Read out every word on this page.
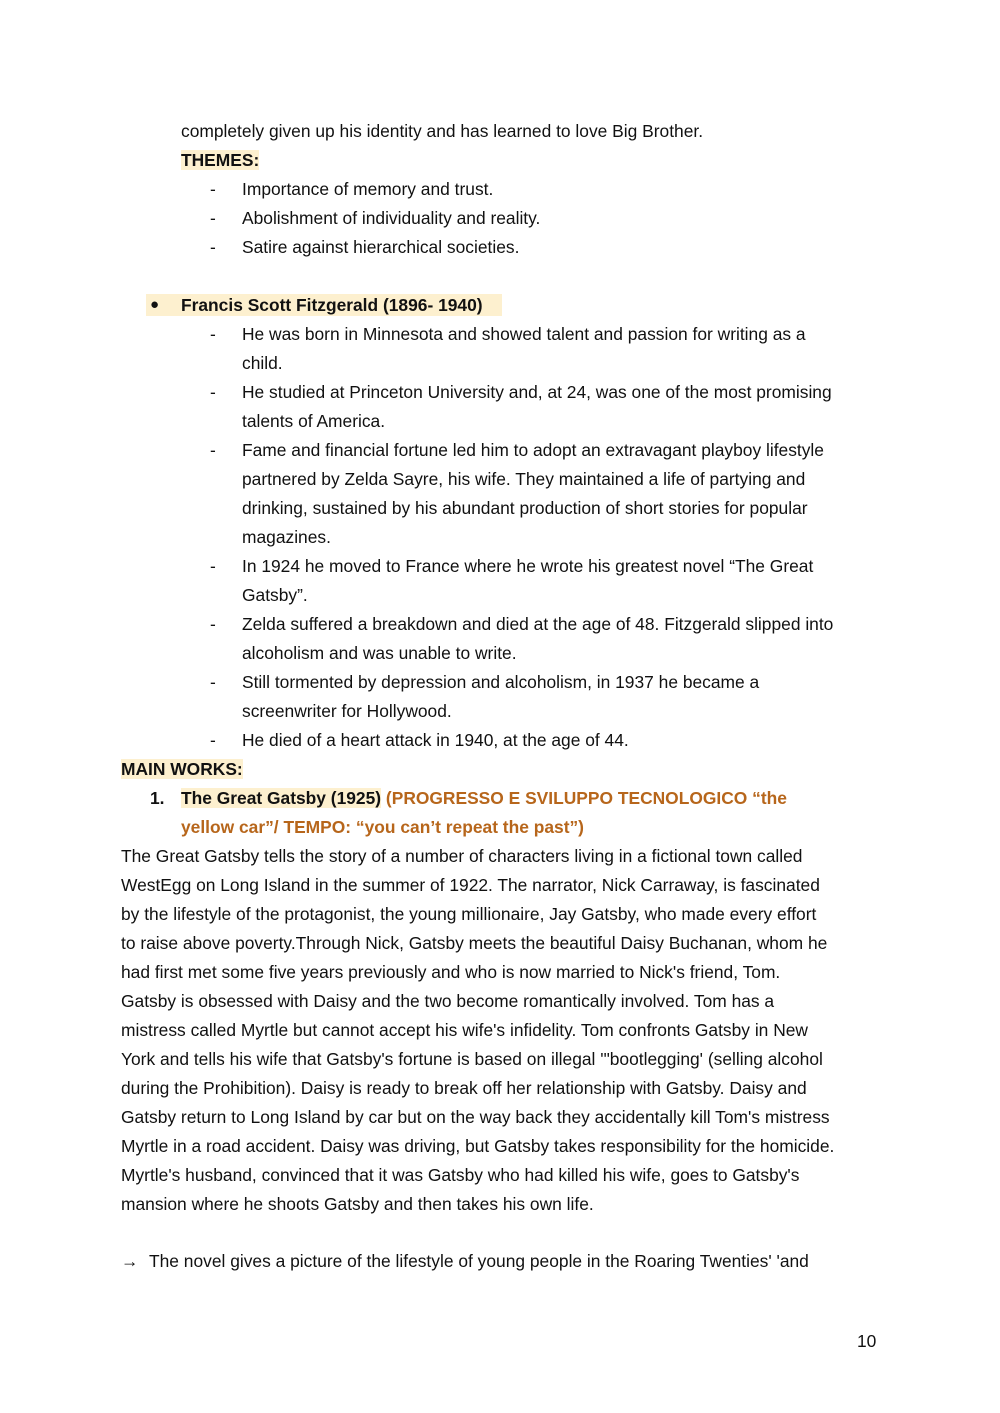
completely given up his identity and has learned to love Big Brother.
THEMES:
- Importance of memory and trust.
- Abolishment of individuality and reality.
- Satire against hierarchical societies.
● Francis Scott Fitzgerald (1896- 1940)
- He was born in Minnesota and showed talent and passion for writing as a
child.
- He studied at Princeton University and, at 24, was one of the most promising
talents of America.
- Fame and financial fortune led him to adopt an extravagant playboy lifestyle
partnered by Zelda Sayre, his wife. They maintained a life of partying and
drinking, sustained by his abundant production of short stories for popular
magazines.
- In 1924 he moved to France where he wrote his greatest novel “The Great
Gatsby”.
- Zelda suffered a breakdown and died at the age of 48. Fitzgerald slipped into
alcoholism and was unable to write.
- Still tormented by depression and alcoholism, in 1937 he became a
screenwriter for Hollywood.
- He died of a heart attack in 1940, at the age of 44.
MAIN WORKS:
1. The Great Gatsby (1925) (PROGRESSO E SVILUPPO TECNOLOGICO “the
yellow car”/ TEMPO: “you can’t repeat the past”)
The Great Gatsby tells the story of a number of characters living in a fictional town called
WestEgg on Long Island in the summer of 1922. The narrator, Nick Carraway, is fascinated
by the lifestyle of the protagonist, the young millionaire, Jay Gatsby, who made every effort
to raise above poverty.Through Nick, Gatsby meets the beautiful Daisy Buchanan, whom he
had first met some five years previously and who is now married to Nick's friend, Tom.
Gatsby is obsessed with Daisy and the two become romantically involved. Tom has a
mistress called Myrtle but cannot accept his wife's infidelity. Tom confronts Gatsby in New
York and tells his wife that Gatsby's fortune is based on illegal '"bootlegging' (selling alcohol
during the Prohibition). Daisy is ready to break off her relationship with Gatsby. Daisy and
Gatsby return to Long Island by car but on the way back they accidentally kill Tom's mistress
Myrtle in a road accident. Daisy was driving, but Gatsby takes responsibility for the homicide.
Myrtle's husband, convinced that it was Gatsby who had killed his wife, goes to Gatsby's
mansion where he shoots Gatsby and then takes his own life.
→ The novel gives a picture of the lifestyle of young people in the Roaring Twenties' 'and
10
